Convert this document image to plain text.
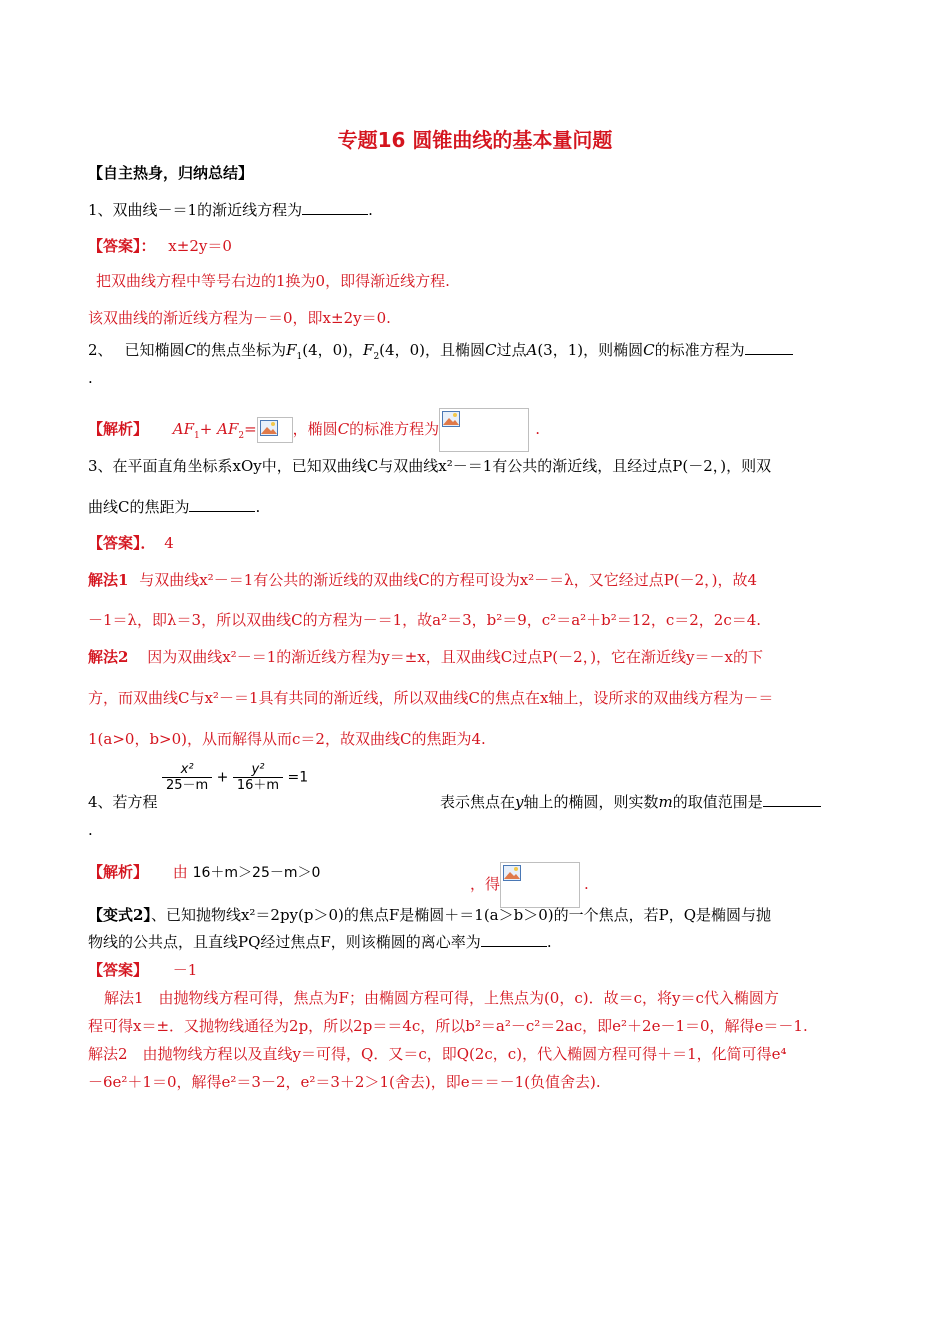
专题16 圆锥曲线的基本量问题
【自主热身，归纳总结】
1、双曲线－＝1的渐近线方程为	.
【答案】： x±2y＝0
把双曲线方程中等号右边的1换为0，即得渐近线方程.
该双曲线的渐近线方程为－＝0，即x±2y＝0.
2、 已知椭圆C的焦点坐标为$F_1(4$，0)，$F_2(4$，0)，且椭圆C过点A(3，1)，则椭圆C的标准方程为
.
【解析】 $AF_1+ AF_2=$ ，椭圆C的标准方程为	.
3、在平面直角坐标系xOy中，已知双曲线C与双曲线x²－＝1有公共的渐近线，且经过点P(－2，)，则双
曲线C的焦距为	.
【答案】． 4
解法1 与双曲线x²－＝1有公共的渐近线的双曲线C的方程可设为x²－＝λ，又它经过点P(－2，)，故4
－1＝λ，即λ＝3，所以双曲线C的方程为－＝1，故a²＝3，b²＝9，c²＝a²＋b²＝12，c＝2，2c＝4.
解法2 因为双曲线x²－＝1的渐近线方程为y＝±x，且双曲线C过点P(－2，)，它在渐近线y＝－x的下
方，而双曲线C与x²－＝1具有共同的渐近线，所以双曲线C的焦点在x轴上，设所求的双曲线方程为－＝
1(a>0，b>0)，从而解得从而c＝2，故双曲线C的焦距为4.
4、若方程
$\frac{\text{x²}}{25-m} + \frac{\text{y²}}{16+m} =1$
表示焦点在y轴上的椭圆，则实数m的取值范围是
.
【解析】 由 16＋m＞25－m＞0
，得	.
【变式2】、已知抛物线x²＝2py(p＞0)的焦点F是椭圆＋＝1(a＞b＞0)的一个焦点，若P，Q是椭圆与抛
物线的公共点，且直线PQ经过焦点F，则该椭圆的离心率为	.
【答案】 －1
解法1　由抛物线方程可得，焦点为F；由椭圆方程可得，上焦点为(0，c)．故＝c，将y＝c代入椭圆方
程可得x＝±．又抛物线通径为2p，所以2p＝＝4c，所以b²＝a²－c²＝2ac，即e²＋2e－1＝0，解得e＝－1.
解法2　由抛物线方程以及直线y＝可得，Q．又＝c，即Q(2c，c)，代入椭圆方程可得＋＝1，化简可得e⁴
－6e²＋1＝0，解得e²＝3－2，e²＝3＋2＞1(舍去)，即e＝＝－1(负值舍去).
